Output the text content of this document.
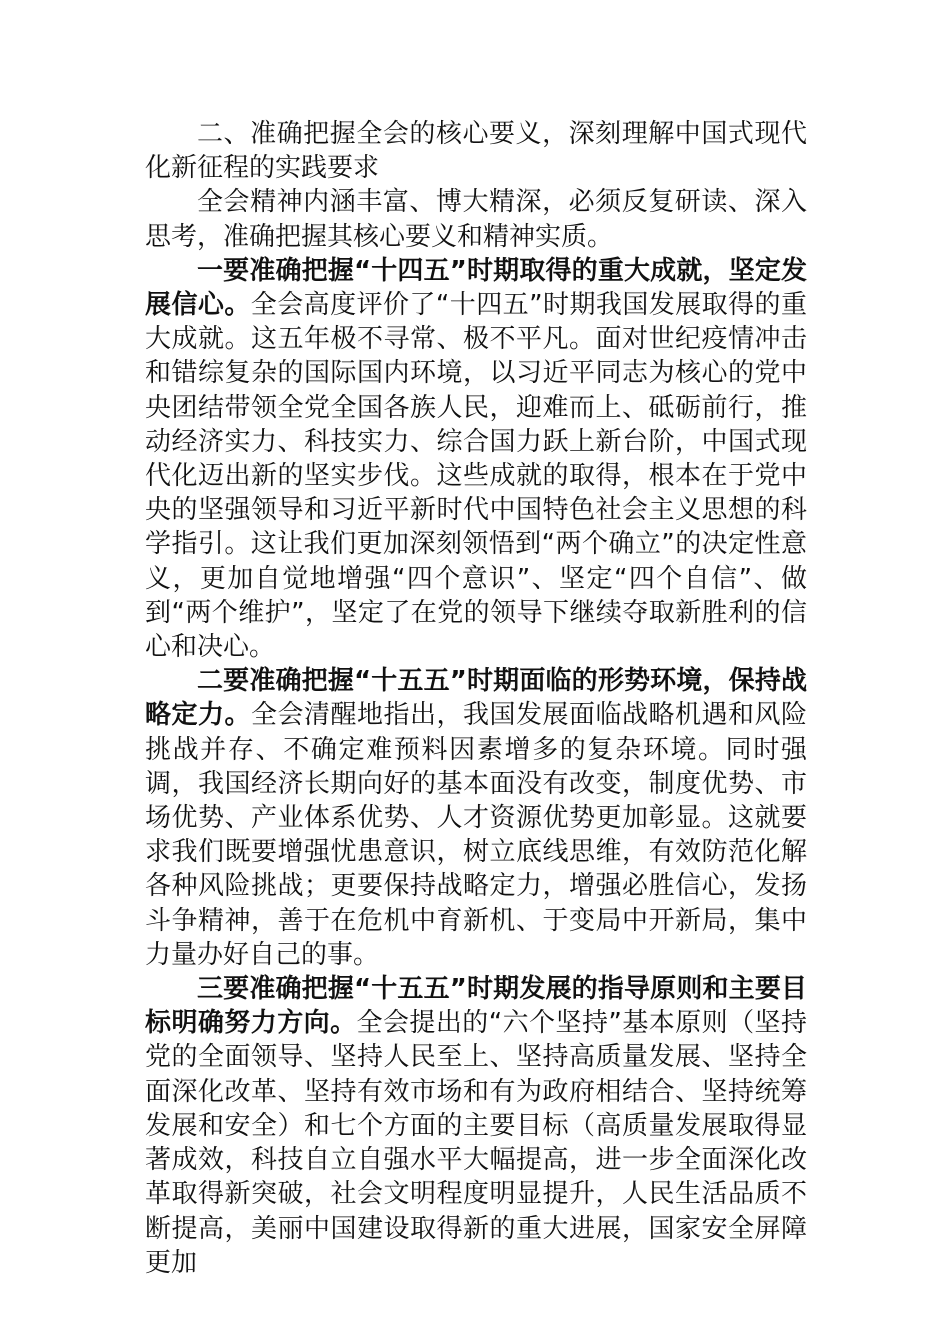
二、准确把握全会的核心要义，深刻理解中国式现代化新征程的实践要求

全会精神内涵丰富、博大精深，必须反复研读、深入思考，准确把握其核心要义和精神实质。

一要准确把握“十四五”时期取得的重大成就，坚定发展信心。全会高度评价了“十四五”时期我国发展取得的重大成就。这五年极不寻常、极不平凡。面对世纪疫情冲击和错综复杂的国际国内环境，以习近平同志为核心的党中央团结带领全党全国各族人民，迎难而上、砥砺前行，推动经济实力、科技实力、综合国力跃上新台阶，中国式现代化迈出新的坚实步伐。这些成就的取得，根本在于党中央的坚强领导和习近平新时代中国特色社会主义思想的科学指引。这让我们更加深刻领悟到“两个确立”的决定性意义，更加自觉地增强“四个意识”、坚定“四个自信”、做到“两个维护”，坚定了在党的领导下继续夺取新胜利的信心和决心。

二要准确把握“十五五”时期面临的形势环境，保持战略定力。全会清醒地指出，我国发展面临战略机遇和风险挑战并存、不确定难预料因素增多的复杂环境。同时强调，我国经济长期向好的基本面没有改变，制度优势、市场优势、产业体系优势、人才资源优势更加彰显。这就要求我们既要增强忧患意识，树立底线思维，有效防范化解各种风险挑战；更要保持战略定力，增强必胜信心，发扬斗争精神，善于在危机中育新机、于变局中开新局，集中力量办好自己的事。

三要准确把握“十五五”时期发展的指导原则和主要目标明确努力方向。全会提出的“六个坚持”基本原则（坚持党的全面领导、坚持人民至上、坚持高质量发展、坚持全面深化改革、坚持有效市场和有为政府相结合、坚持统筹发展和安全）和七个方面的主要目标（高质量发展取得显著成效，科技自立自强水平大幅提高，进一步全面深化改革取得新突破，社会文明程度明显提升，人民生活品质不断提高，美丽中国建设取得新的重大进展，国家安全屏障更加
